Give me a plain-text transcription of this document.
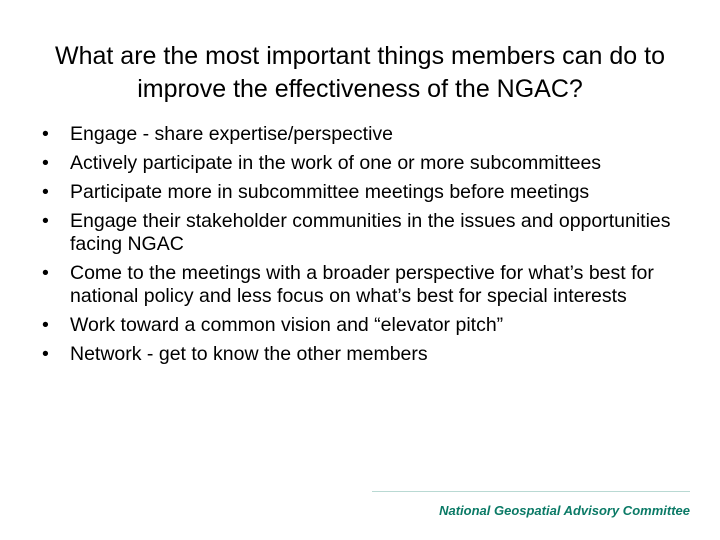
What are the most important things members can do to improve the effectiveness of the NGAC?
•	Engage - share expertise/perspective
•	Actively participate in the work of one or more subcommittees
•	Participate more in subcommittee meetings before meetings
•	Engage their stakeholder communities in the issues and opportunities facing NGAC
•	Come to the meetings with a broader perspective for what’s best for national policy and less focus on what’s best for special interests
•	Work toward a common vision and “elevator pitch”
•	Network - get to know the other members
National Geospatial Advisory Committee
